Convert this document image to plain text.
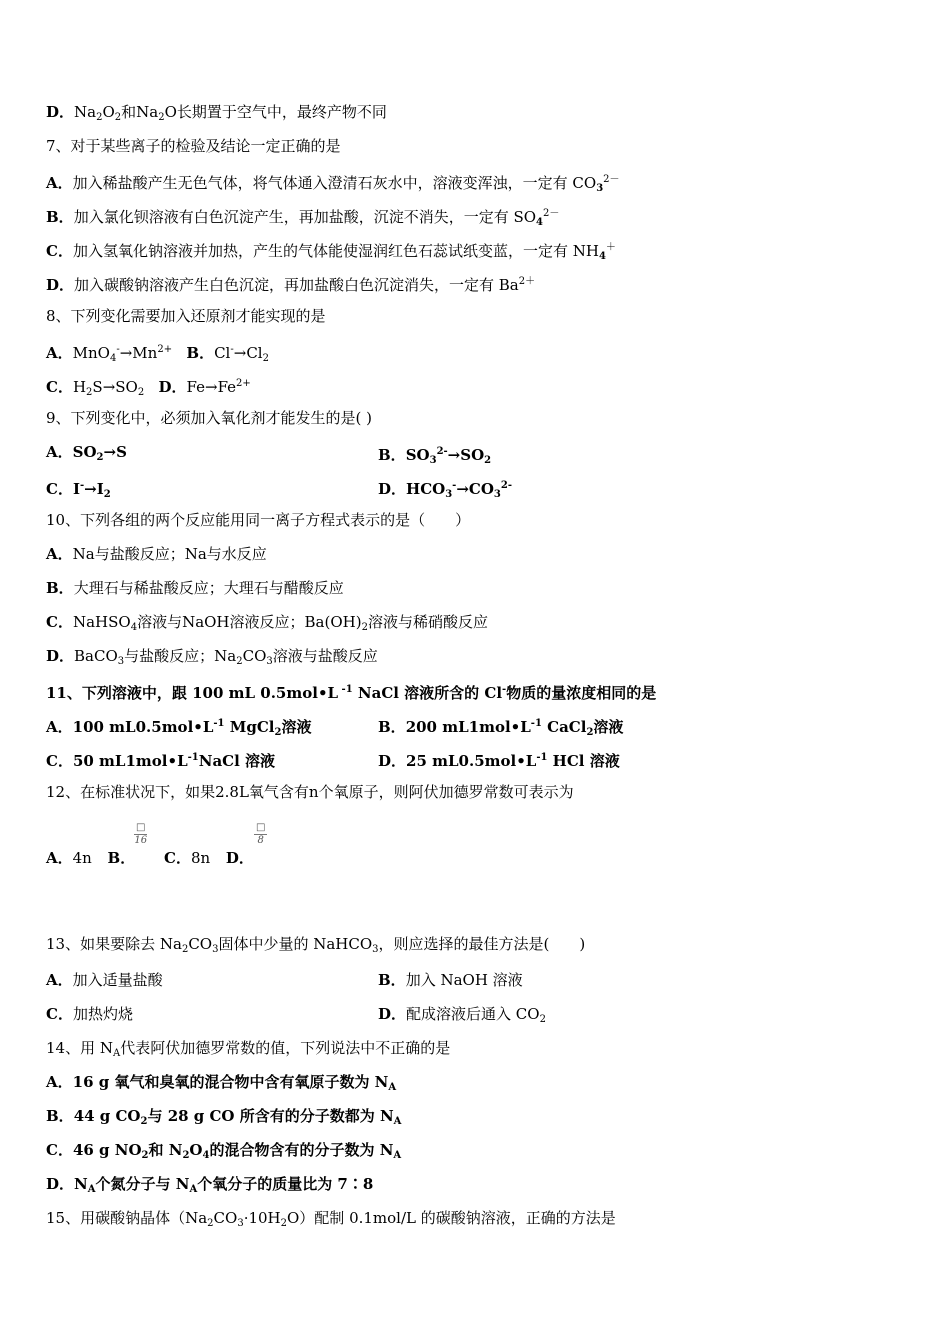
D．$Na_2O_2$和$Na_2O$长期置于空气中，最终产物不同
7、对于某些离子的检验及结论一定正确的是
A．加入稀盐酸产生无色气体，将气体通入澄清石灰水中，溶液变浑浊，一定有 $CO_3^{2-}$
B．加入氯化钡溶液有白色沉淀产生，再加盐酸，沉淀不消失，一定有 $SO_4^{2-}$
C．加入氢氧化钠溶液并加热，产生的气体能使湿润红色石蕊试纸变蓝，一定有 $NH_4^+$
D．加入碳酸钠溶液产生白色沉淀，再加盐酸白色沉淀消失，一定有 $Ba^{2+}$
8、下列变化需要加入还原剂才能实现的是
A．$MnO_4^-\to Mn^{2+}$ B．$Cl^-\to Cl_2$
C．$H_2S\to SO_2$ D．$Fe\to Fe^{2+}$
9、下列变化中，必须加入氧化剂才能发生的是( )
A．$SO_2\to S$	B．$SO_3^{2-}\to SO_2$
C．$I^-\to I_2$	D．$HCO_3^-\to CO_3^{2-}$
10、下列各组的两个反应能用同一离子方程式表示的是（　　）
A．Na与盐酸反应；Na与水反应
B．大理石与稀盐酸反应；大理石与醋酸反应
C．NaHSO$_4$溶液与NaOH溶液反应；$Ba(OH)_2$溶液与稀硝酸反应
D．BaCO$_3$与盐酸反应；$Na_2CO_3$溶液与盐酸反应
11、下列溶液中，跟 100 mL 0.5mol•L $^{-1}$ NaCl 溶液所含的 Cl-物质的量浓度相同的是
A．100 $mL0.5mol•L^{-1}$ MgCl$_2$溶液	B．200 $mL1mol•L^{-1}$ CaCl$_2$溶液
C．50 $mL1mol•L^{-1}NaCl$ 溶液	D．25 $mL0.5mol•L^{-1}$ HCl 溶液
12、在标准状况下，如果2.8L氧气含有n个氧原子，则阿伏加德罗常数可表示为
A．4n B．
□
16
C．8n D．
□
8
13、如果要除去 $Na_2CO_3$固体中少量的 NaHCO$_3$，则应选择的最佳方法是(　　)
A．加入适量盐酸	B．加入 NaOH 溶液
C．加热灼烧	D．配成溶液后通入 $CO_2$
14、用 $N_A$代表阿伏加德罗常数的值，下列说法中不正确的是
A．16 g 氧气和臭氧的混合物中含有氧原子数为 $N_A$
B．44 g $CO_2$与 28 g CO 所含有的分子数都为 $N_A$
C．46 g $NO_2$和 $N_2O_4$的混合物含有的分子数为 $N_A$
D．$N_A$个氮分子与 $N_A$个氧分子的质量比为 7∶8
15、用碳酸钠晶体$(Na_2CO_3\cdot 10H_2O)$配制 0.1mol/L 的碳酸钠溶液，正确的方法是
